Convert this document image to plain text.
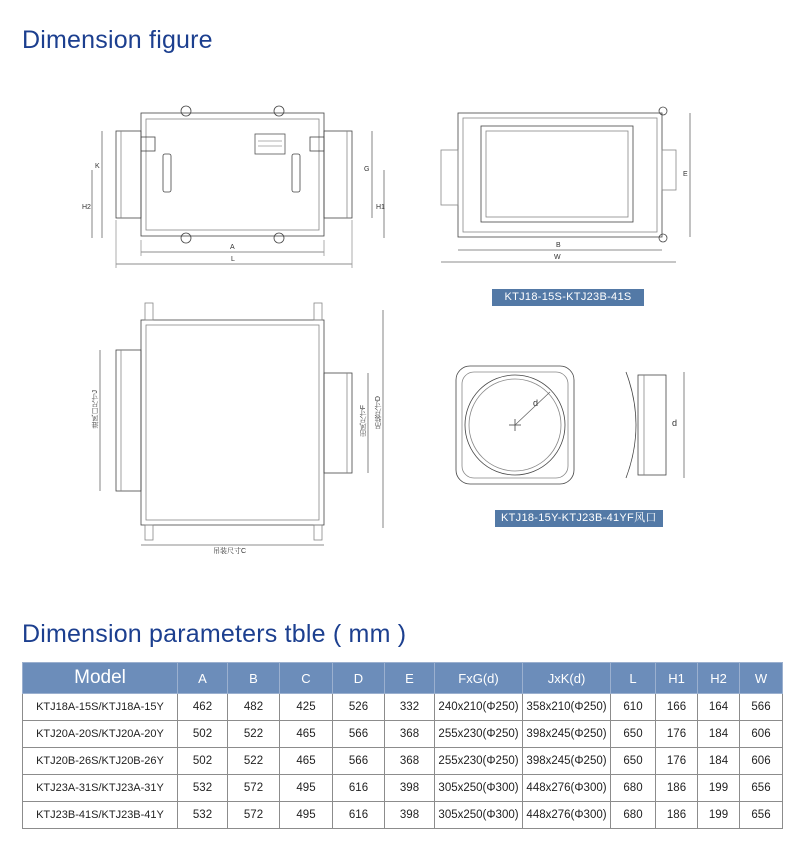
Dimension figure
A
L
K
H2
G
H1
B
W
E
吊装尺寸C
进风口尺寸J	出风尺寸F 吊装尺寸D	d
d
KTJ18-15S-KTJ23B-41S
KTJ18-15Y-KTJ23B-41YF风口
Dimension parameters tble ( mm )
Model	A	B	C	D	E	FxG(d)	JxK(d)	L	H1	H2	W
KTJ18A-15S/KTJ18A-15Y	462	482	425	526	332	240x210(Φ250)	358x210(Φ250)	610	166	164	566
KTJ20A-20S/KTJ20A-20Y	502	522	465	566	368	255x230(Φ250)	398x245(Φ250)	650	176	184	606
KTJ20B-26S/KTJ20B-26Y	502	522	465	566	368	255x230(Φ250)	398x245(Φ250)	650	176	184	606
KTJ23A-31S/KTJ23A-31Y	532	572	495	616	398	305x250(Φ300)	448x276(Φ300)	680	186	199	656
KTJ23B-41S/KTJ23B-41Y	532	572	495	616	398	305x250(Φ300)	448x276(Φ300)	680	186	199	656
